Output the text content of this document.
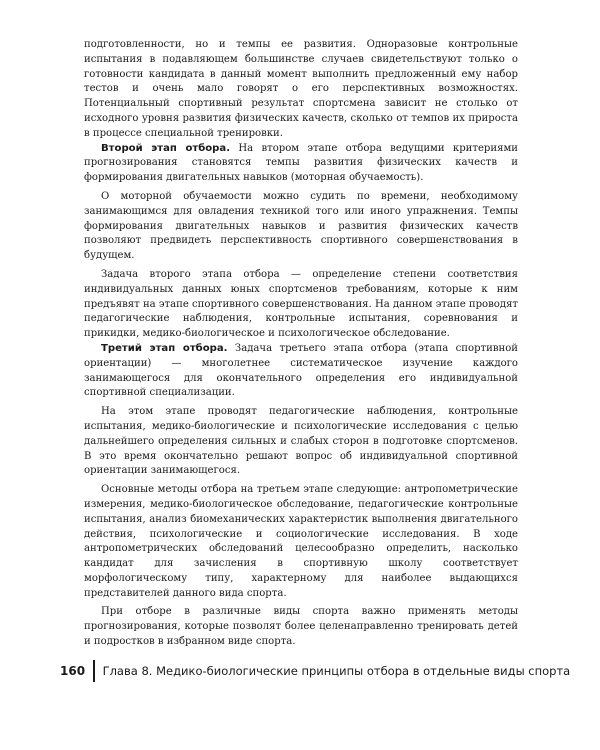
подготовленности, но и темпы ее развития. Одноразовые контрольные испытания в подавляющем большинстве случаев свидетельствуют только о готовности кандидата в данный момент выполнить предложенный ему набор тестов и очень мало говорят о его перспективных возможностях. Потенциальный спортивный результат спортсмена зависит не столько от исходного уровня развития физических качеств, сколько от темпов их прироста в процессе специальной тренировки.

Второй этап отбора. На втором этапе отбора ведущими критериями прогнозирования становятся темпы развития физических качеств и формирования двигательных навыков (моторная обучаемость).

О моторной обучаемости можно судить по времени, необходимому занимающимся для овладения техникой того или иного упражнения. Темпы формирования двигательных навыков и развития физических качеств позволяют предвидеть перспективность спортивного совершенствования в будущем.

Задача второго этапа отбора — определение степени соответствия индивидуальных данных юных спортсменов требованиям, которые к ним предъявят на этапе спортивного совершенствования. На данном этапе проводят педагогические наблюдения, контрольные испытания, соревнования и прикидки, медико-биологическое и психологическое обследование.

Третий этап отбора. Задача третьего этапа отбора (этапа спортивной ориентации) — многолетнее систематическое изучение каждого занимающегося для окончательного определения его индивидуальной спортивной специализации.

На этом этапе проводят педагогические наблюдения, контрольные испытания, медико-биологические и психологические исследования с целью дальнейшего определения сильных и слабых сторон в подготовке спортсменов. В это время окончательно решают вопрос об индивидуальной спортивной ориентации занимающегося.

Основные методы отбора на третьем этапе следующие: антропометрические измерения, медико-биологическое обследование, педагогические контрольные испытания, анализ биомеханических характеристик выполнения двигательного действия, психологические и социологические исследования. В ходе антропометрических обследований целесообразно определить, насколько кандидат для зачисления в спортивную школу соответствует морфологическому типу, характерному для наиболее выдающихся представителей данного вида спорта.

При отборе в различные виды спорта важно применять методы прогнозирования, которые позволят более целенаправленно тренировать детей и подростков в избранном виде спорта.

160	Глава 8. Медико-биологические принципы отбора в отдельные виды спорта
